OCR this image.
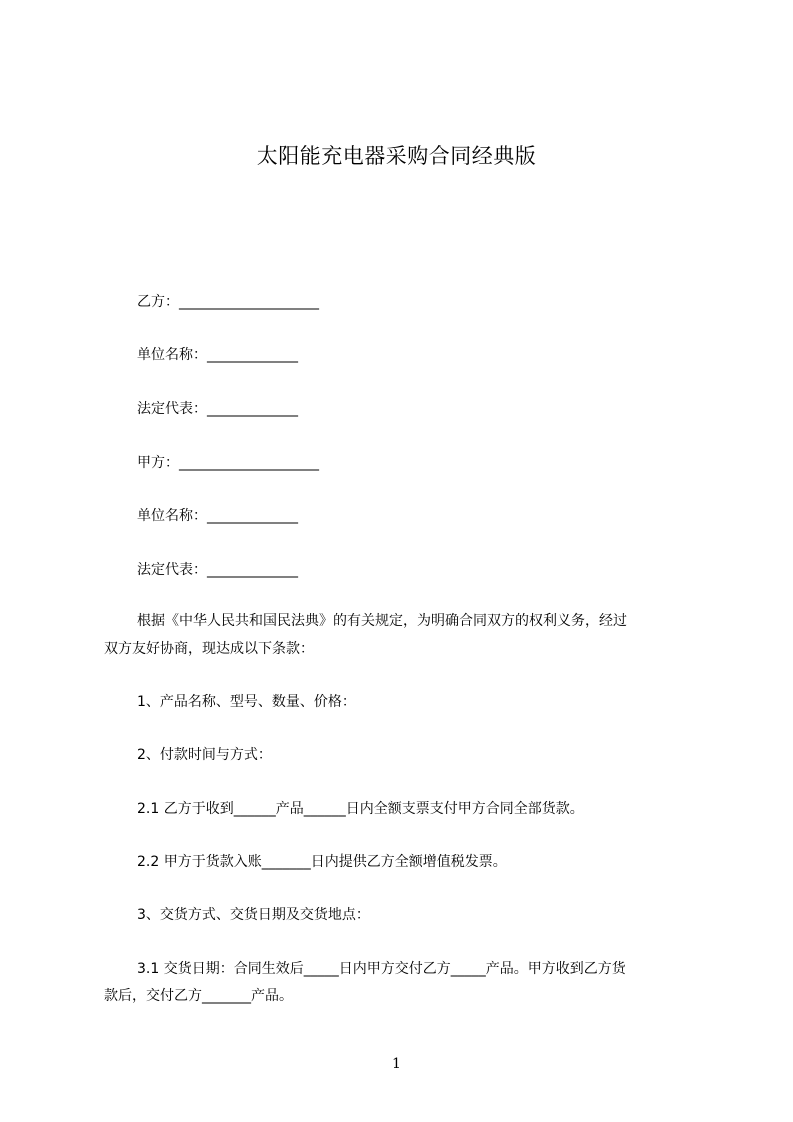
太阳能充电器采购合同经典版
乙方：____________________
单位名称：_____________
法定代表：_____________
甲方：____________________
单位名称：_____________
法定代表：_____________
根据《中华人民共和国民法典》的有关规定，为明确合同双方的权利义务，经过
双方友好协商，现达成以下条款：
1、产品名称、型号、数量、价格：
2、付款时间与方式：
2.1 乙方于收到______产品______日内全额支票支付甲方合同全部货款。
2.2 甲方于货款入账_______日内提供乙方全额增值税发票。
3、交货方式、交货日期及交货地点：
3.1 交货日期：合同生效后_____日内甲方交付乙方_____产品。甲方收到乙方货
款后，交付乙方_______产品。
1
